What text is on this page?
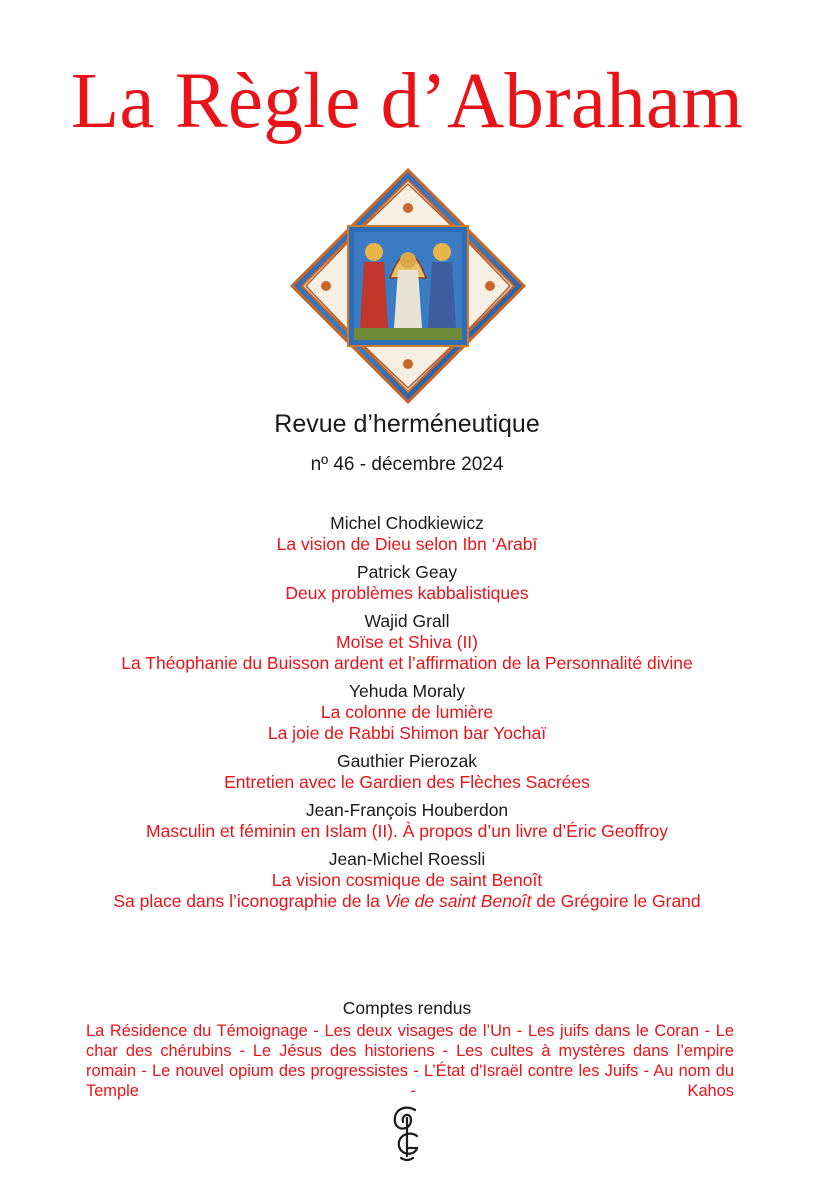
La Règle d’Abraham
Revue d’herméneutique
nº 46 - décembre 2024
Michel Chodkiewicz
La vision de Dieu selon Ibn ‘Arabī
Patrick Geay
Deux problèmes kabbalistiques
Wajid Grall
Moïse et Shiva (II)
La Théophanie du Buisson ardent et l’affirmation de la Personnalité divine
Yehuda Moraly
La colonne de lumière
La joie de Rabbi Shimon bar Yochaï
Gauthier Pierozak
Entretien avec le Gardien des Flèches Sacrées
Jean-François Houberdon
Masculin et féminin en Islam (II). À propos d’un livre d’Éric Geoffroy
Jean-Michel Roessli
La vision cosmique de saint Benoît
Sa place dans l’iconographie de la Vie de saint Benoît de Grégoire le Grand
Comptes rendus
La Résidence du Témoignage - Les deux visages de l’Un - Les juifs dans le Coran - Le char des chérubins - Le Jésus des historiens - Les cultes à mystères dans l’empire romain - Le nouvel opium des progressistes - L’État d'Israël contre les Juifs - Au nom du Temple - Kahos
